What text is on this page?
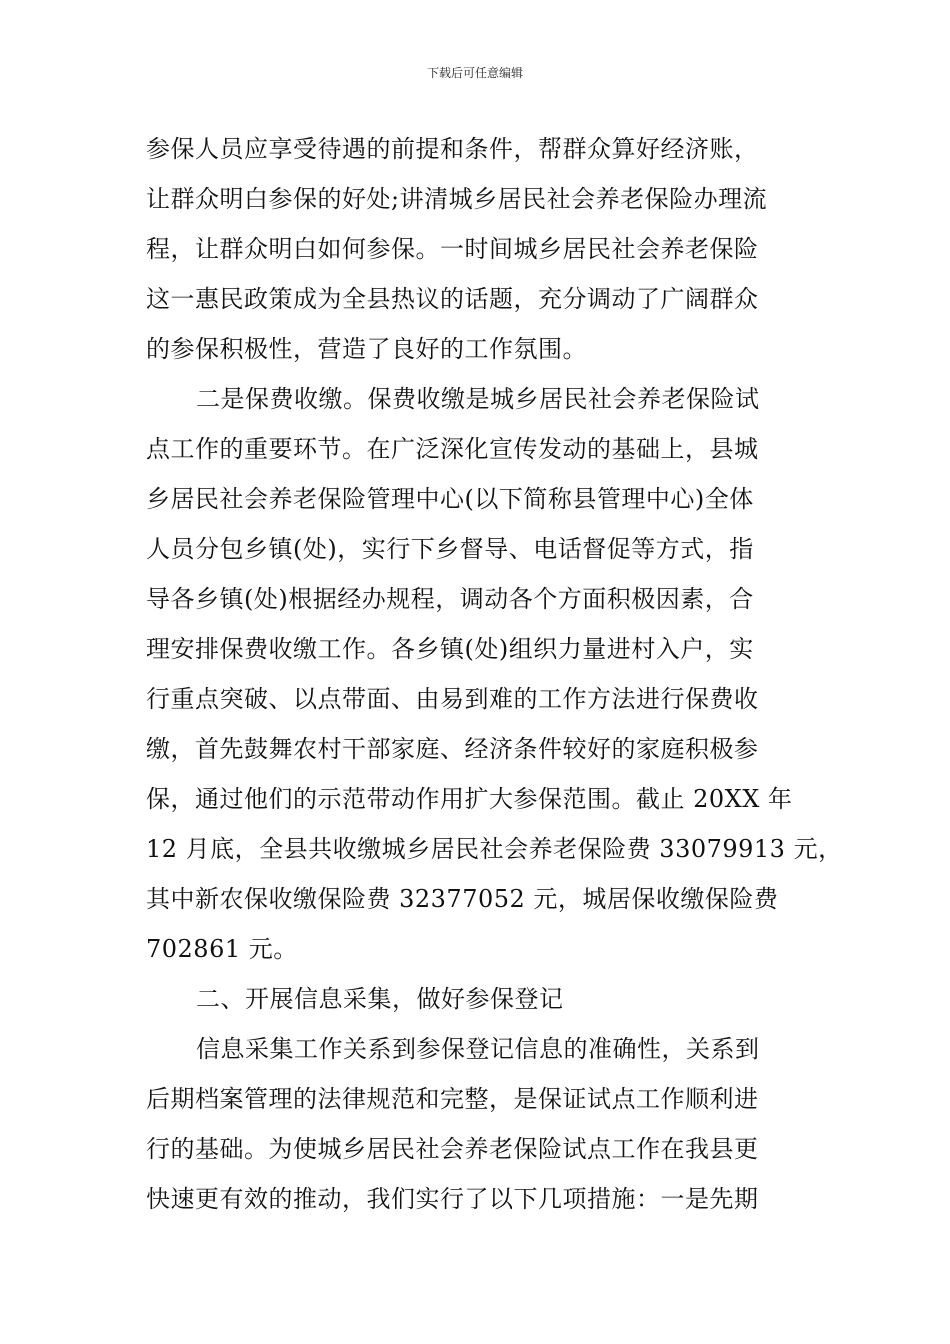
下载后可任意编辑
参保人员应享受待遇的前提和条件，帮群众算好经济账，
让群众明白参保的好处;讲清城乡居民社会养老保险办理流
程，让群众明白如何参保。一时间城乡居民社会养老保险
这一惠民政策成为全县热议的话题，充分调动了广阔群众
的参保积极性，营造了良好的工作氛围。
二是保费收缴。保费收缴是城乡居民社会养老保险试
点工作的重要环节。在广泛深化宣传发动的基础上，县城
乡居民社会养老保险管理中心(以下简称县管理中心)全体
人员分包乡镇(处)，实行下乡督导、电话督促等方式，指
导各乡镇(处)根据经办规程，调动各个方面积极因素，合
理安排保费收缴工作。各乡镇(处)组织力量进村入户，实
行重点突破、以点带面、由易到难的工作方法进行保费收
缴，首先鼓舞农村干部家庭、经济条件较好的家庭积极参
保，通过他们的示范带动作用扩大参保范围。截止 20XX 年
12 月底，全县共收缴城乡居民社会养老保险费 33079913 元，
其中新农保收缴保险费 32377052 元，城居保收缴保险费
702861 元。
二、开展信息采集，做好参保登记
信息采集工作关系到参保登记信息的准确性，关系到
后期档案管理的法律规范和完整，是保证试点工作顺利进
行的基础。为使城乡居民社会养老保险试点工作在我县更
快速更有效的推动，我们实行了以下几项措施：一是先期
